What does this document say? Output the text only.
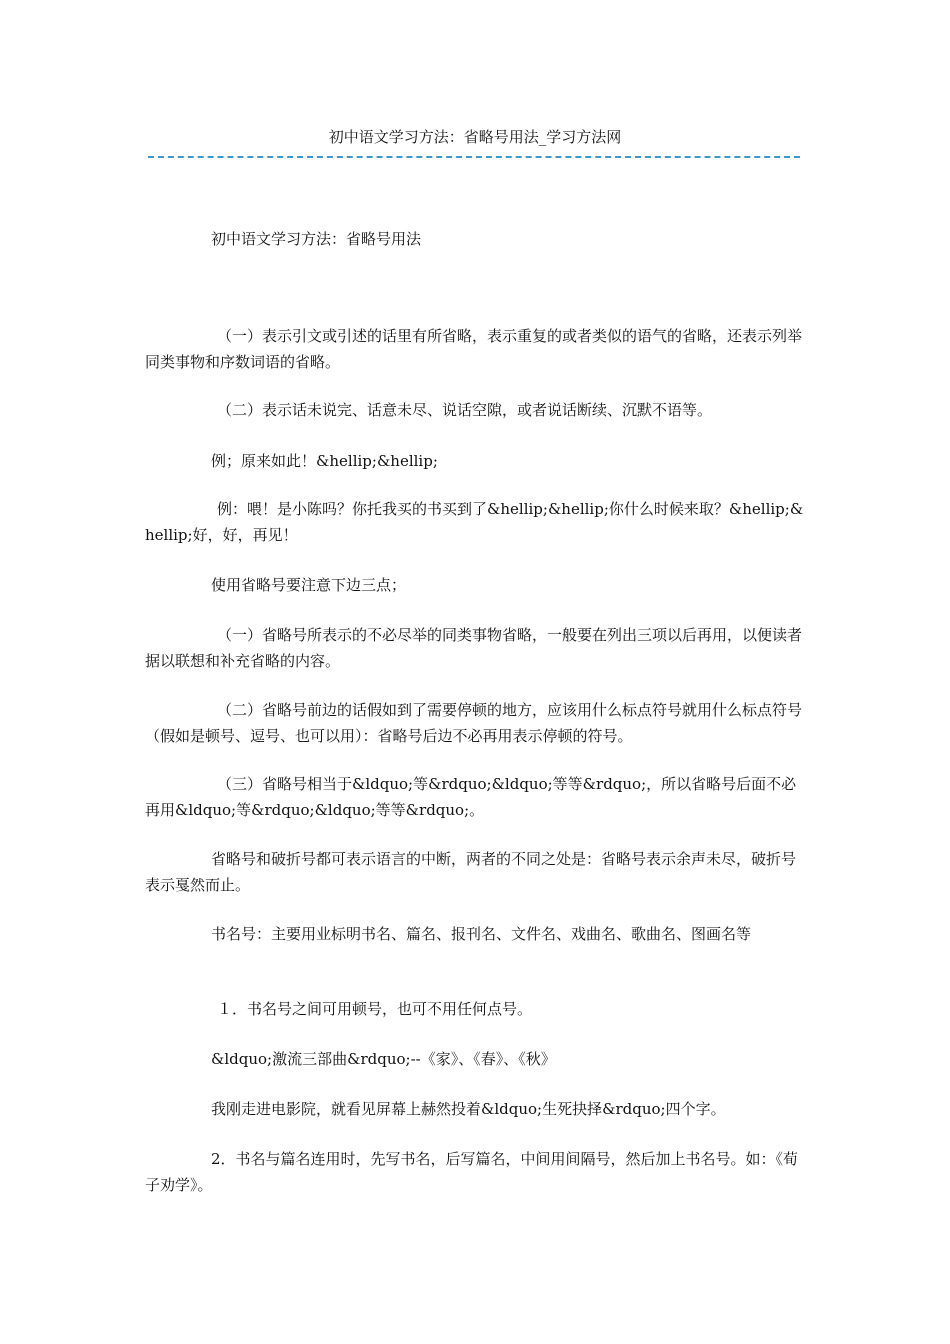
初中语文学习方法：省略号用法_学习方法网
初中语文学习方法：省略号用法
（一）表示引文或引述的话里有所省略，表示重复的或者类似的语气的省略，还表示列举同类事物和序数词语的省略。
（二）表示话未说完、话意未尽、说话空隙，或者说话断续、沉默不语等。
例；原来如此！&hellip;&hellip;
例：喂！是小陈吗？你托我买的书买到了&hellip;&hellip;你什么时候来取？&hellip;&hellip;好，好，再见！
使用省略号要注意下边三点；
（一）省略号所表示的不必尽举的同类事物省略，一般要在列出三项以后再用，以便读者据以联想和补充省略的内容。
（二）省略号前边的话假如到了需要停顿的地方，应该用什么标点符号就用什么标点符号（假如是顿号、逗号、也可以用）：省略号后边不必再用表示停顿的符号。
（三）省略号相当于&ldquo;等&rdquo;&ldquo;等等&rdquo;，所以省略号后面不必再用&ldquo;等&rdquo;&ldquo;等等&rdquo;。
省略号和破折号都可表示语言的中断，两者的不同之处是：省略号表示余声未尽，破折号表示戛然而止。
书名号：主要用业标明书名、篇名、报刊名、文件名、戏曲名、歌曲名、图画名等
１．书名号之间可用顿号，也可不用任何点号。
&ldquo;激流三部曲&rdquo;--《家》、《春》、《秋》
我刚走进电影院，就看见屏幕上赫然投着&ldquo;生死抉择&rdquo;四个字。
2．书名与篇名连用时，先写书名，后写篇名，中间用间隔号，然后加上书名号。如：《荀子劝学》。
